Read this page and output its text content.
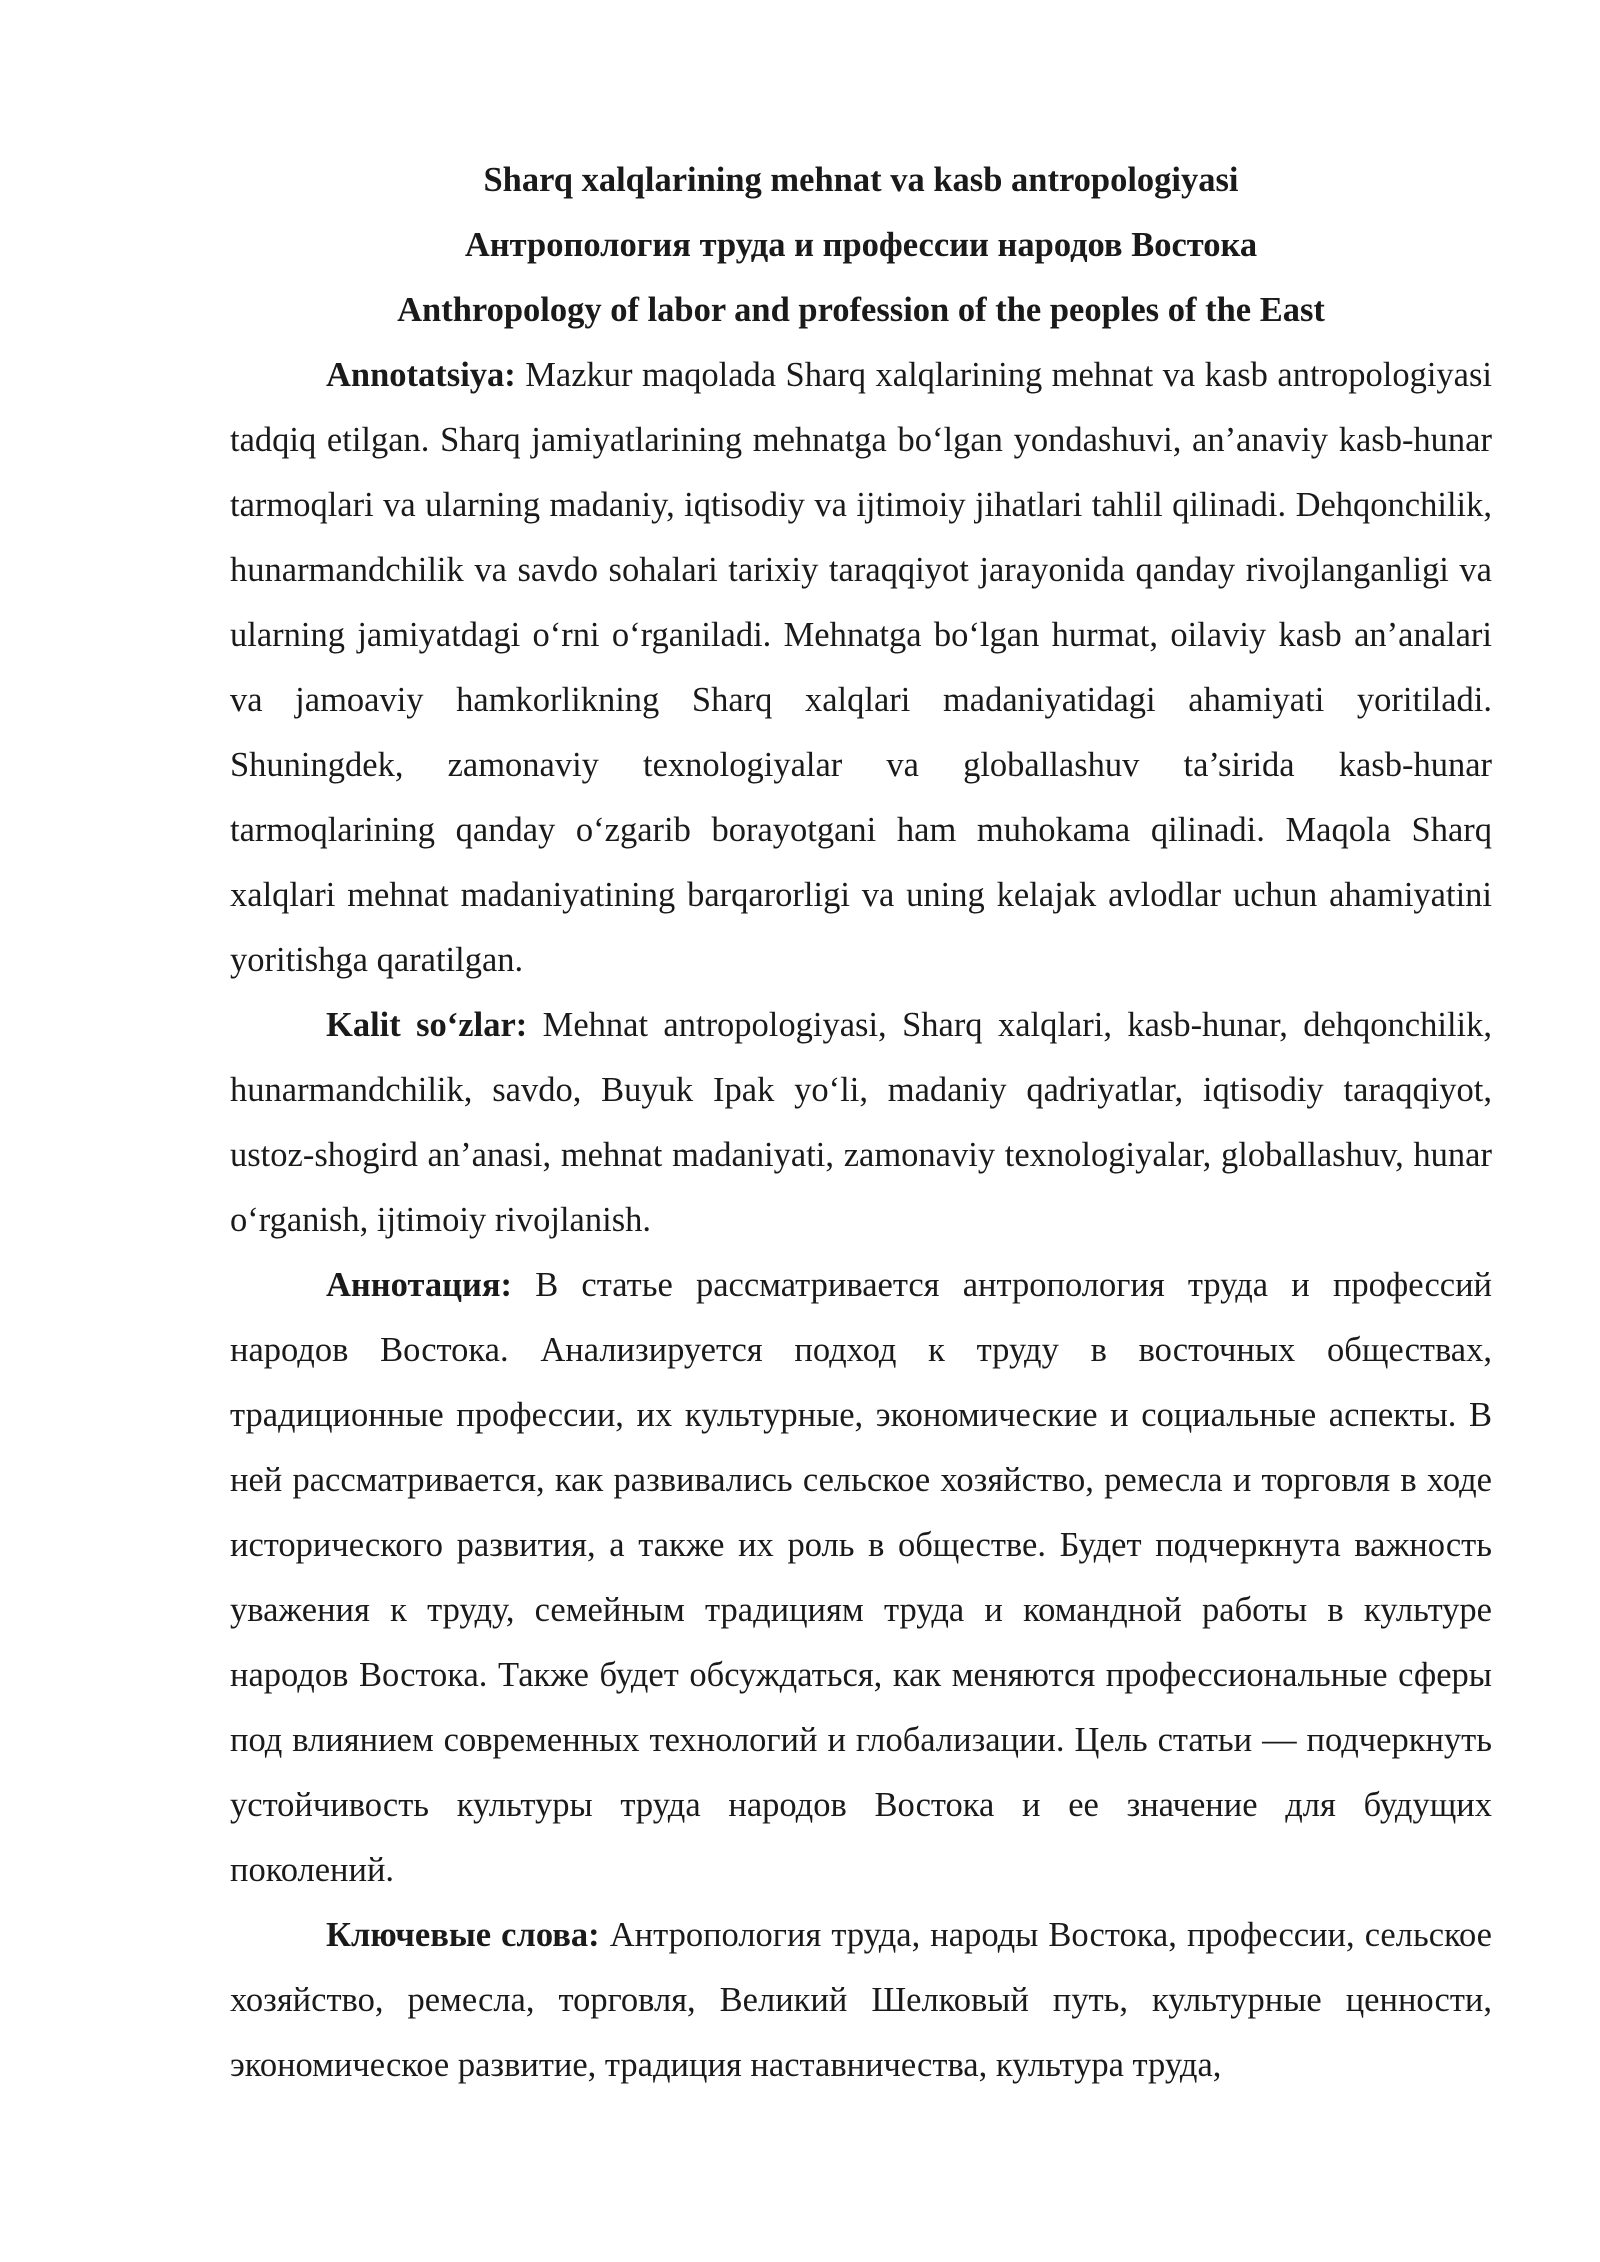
Sharq xalqlarining mehnat va kasb antropologiyasi

Антропология труда и профессии народов Востока

Anthropology of labor and profession of the peoples of the East

Annotatsiya: Mazkur maqolada Sharq xalqlarining mehnat va kasb antropologiyasi tadqiq etilgan. Sharq jamiyatlarining mehnatga bo‘lgan yondashuvi, an’anaviy kasb-hunar tarmoqlari va ularning madaniy, iqtisodiy va ijtimoiy jihatlari tahlil qilinadi. Dehqonchilik, hunarmandchilik va savdo sohalari tarixiy taraqqiyot jarayonida qanday rivojlanganligi va ularning jamiyatdagi o‘rni o‘rganiladi. Mehnatga bo‘lgan hurmat, oilaviy kasb an’analari va jamoaviy hamkorlikning Sharq xalqlari madaniyatidagi ahamiyati yoritiladi. Shuningdek, zamonaviy texnologiyalar va globallashuv ta’sirida kasb-hunar tarmoqlarining qanday o‘zgarib borayotgani ham muhokama qilinadi. Maqola Sharq xalqlari mehnat madaniyatining barqarorligi va uning kelajak avlodlar uchun ahamiyatini yoritishga qaratilgan.

Kalit so‘zlar: Mehnat antropologiyasi, Sharq xalqlari, kasb-hunar, dehqonchilik, hunarmandchilik, savdo, Buyuk Ipak yo‘li, madaniy qadriyatlar, iqtisodiy taraqqiyot, ustoz-shogird an’anasi, mehnat madaniyati, zamonaviy texnologiyalar, globallashuv, hunar o‘rganish, ijtimoiy rivojlanish.

Аннотация: В статье рассматривается антропология труда и профессий народов Востока. Анализируется подход к труду в восточных обществах, традиционные профессии, их культурные, экономические и социальные аспекты. В ней рассматривается, как развивались сельское хозяйство, ремесла и торговля в ходе исторического развития, а также их роль в обществе. Будет подчеркнута важность уважения к труду, семейным традициям труда и командной работы в культуре народов Востока. Также будет обсуждаться, как меняются профессиональные сферы под влиянием современных технологий и глобализации. Цель статьи — подчеркнуть устойчивость культуры труда народов Востока и ее значение для будущих поколений.

Ключевые слова: Антропология труда, народы Востока, профессии, сельское хозяйство, ремесла, торговля, Великий Шелковый путь, культурные ценности, экономическое развитие, традиция наставничества, культура труда,
